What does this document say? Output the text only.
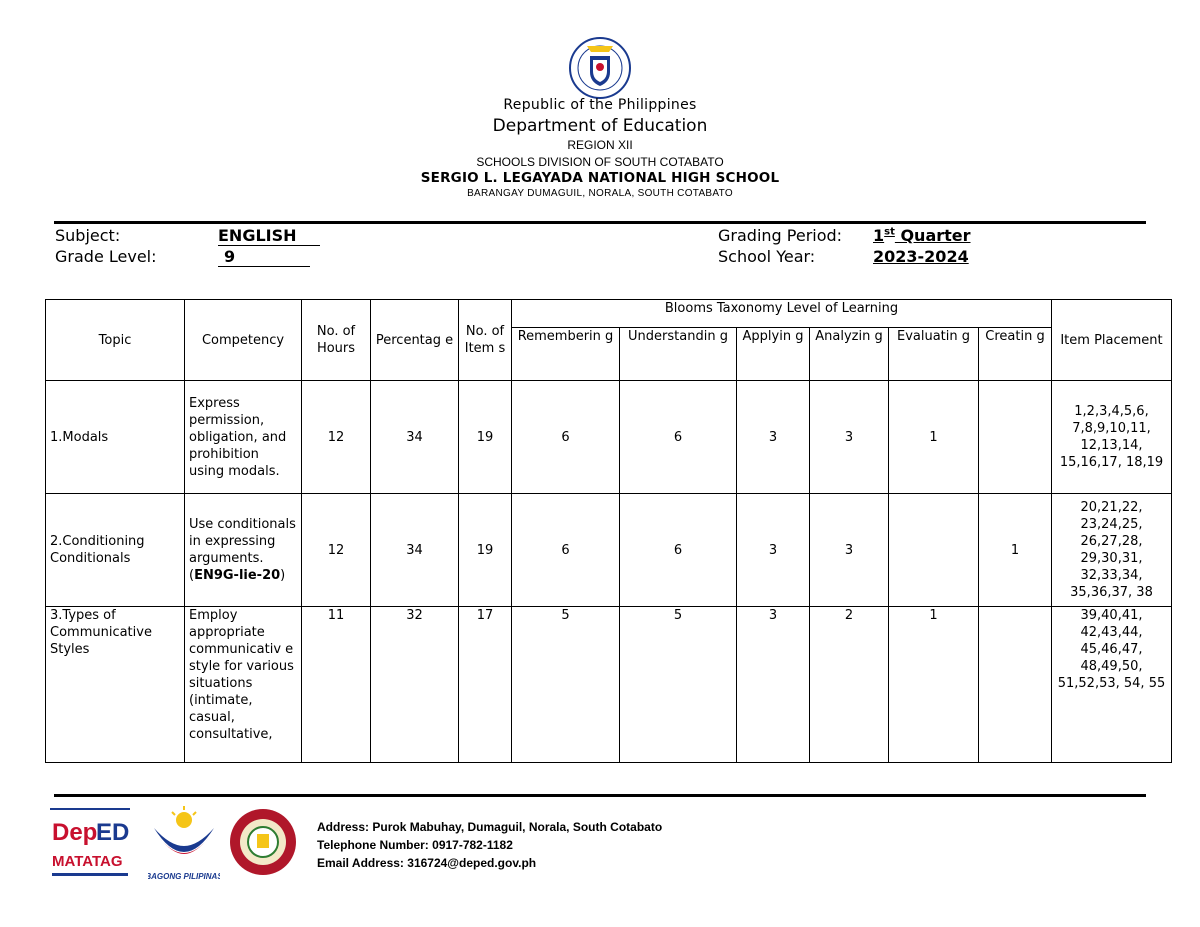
Republic of the Philippines
Department of Education
REGION XII
SCHOOLS DIVISION OF SOUTH COTABATO
SERGIO L. LEGAYADA NATIONAL HIGH SCHOOL
BARANGAY DUMAGUIL, NORALA, SOUTH COTABATO
Subject:	ENGLISH
Grade Level:	9
Grading Period: 1st Quarter
School Year:	2023-2024
Topic	Competency	No. of Hours	Percentag e	No. of Item s	Blooms Taxonomy Level of Learning						Item Placement
					Rememberin g	Understandin g	Applyin g	Analyzin g	Evaluatin g	Creatin g	
1.Modals	Express permission, obligation, and prohibition using modals.	12	34	19	6	6	3	3	1		1,2,3,4,5,6, 7,8,9,10,11, 12,13,14, 15,16,17, 18,19
2.Conditioning Conditionals	Use conditionals in expressing arguments.
(EN9G-lie-20)	12	34	19	6	6	3	3		1	20,21,22, 23,24,25, 26,27,28, 29,30,31, 32,33,34, 35,36,37, 38
3.Types of Communicative Styles	Employ appropriate communicativ e style for various situations (intimate, casual, consultative,	11	32	17	5	5	3	2	1		39,40,41, 42,43,44, 45,46,47, 48,49,50, 51,52,53, 54, 55
Dep
ED
MATATAG
BAGONG PILIPINAS
Address: Purok Mabuhay, Dumaguil, Norala, South Cotabato
Telephone Number: 0917-782-1182
Email Address: 316724@deped.gov.ph
